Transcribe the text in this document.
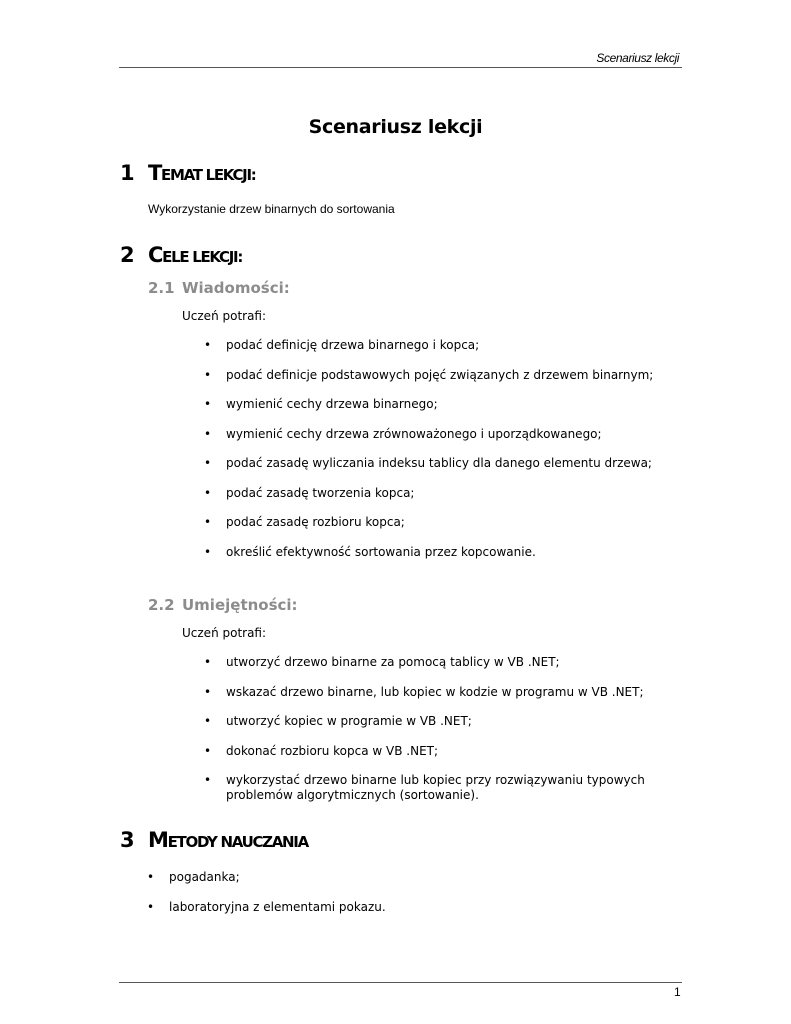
Scenariusz lekcji
Scenariusz lekcji
1 TEMAT LEKCJI:
Wykorzystanie drzew binarnych do sortowania
2 CELE LEKCJI:
2.1 Wiadomości:
Uczeń potrafi:
• podać definicję drzewa binarnego i kopca;
• podać definicje podstawowych pojęć związanych z drzewem binarnym;
• wymienić cechy drzewa binarnego;
• wymienić cechy drzewa zrównoważonego i uporządkowanego;
• podać zasadę wyliczania indeksu tablicy dla danego elementu drzewa;
• podać zasadę tworzenia kopca;
• podać zasadę rozbioru kopca;
• określić efektywność sortowania przez kopcowanie.
2.2 Umiejętności:
Uczeń potrafi:
• utworzyć drzewo binarne za pomocą tablicy w VB .NET;
• wskazać drzewo binarne, lub kopiec w kodzie w programu w VB .NET;
• utworzyć kopiec w programie w VB .NET;
• dokonać rozbioru kopca w VB .NET;
• wykorzystać drzewo binarne lub kopiec przy rozwiązywaniu typowych problemów algorytmicznych (sortowanie).
3 METODY NAUCZANIA
• pogadanka;
• laboratoryjna z elementami pokazu.
1
